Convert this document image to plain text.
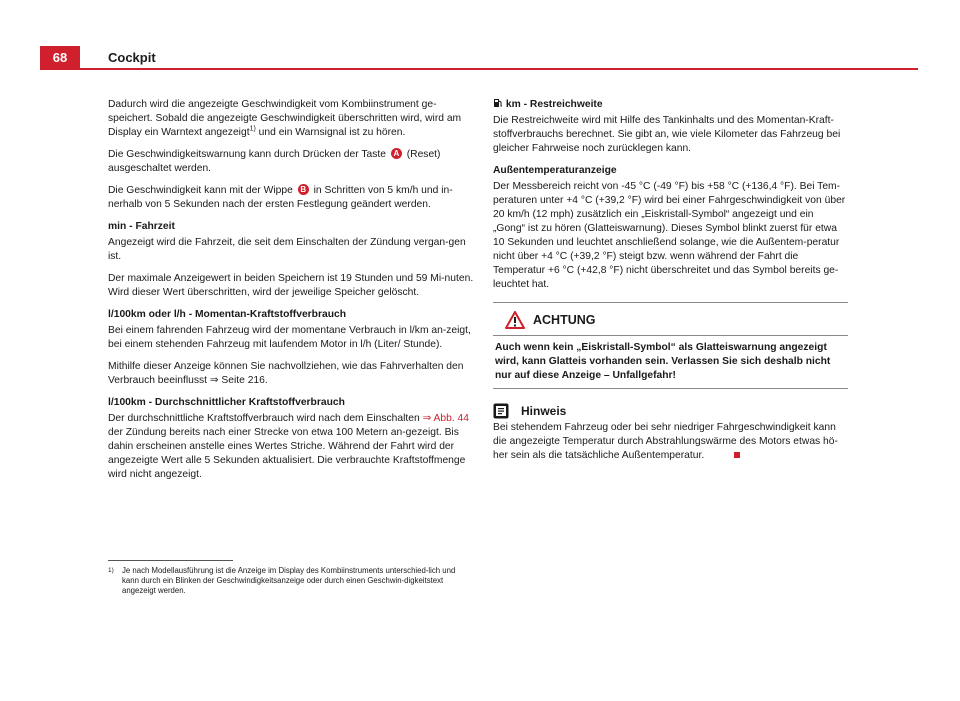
68	Cockpit

Dadurch wird die angezeigte Geschwindigkeit vom Kombiinstrument ge-speichert. Sobald die angezeigte Geschwindigkeit überschritten wird, wird am Display ein Warntext angezeigt$^{1)}$ und ein Warnsignal ist zu hören.

Die Geschwindigkeitswarnung kann durch Drücken der Taste A (Reset) ausgeschaltet werden.

Die Geschwindigkeit kann mit der Wippe B in Schritten von 5 km/h und in-nerhalb von 5 Sekunden nach der ersten Festlegung geändert werden.

min - Fahrzeit

Angezeigt wird die Fahrzeit, die seit dem Einschalten der Zündung vergan-gen ist.

Der maximale Anzeigewert in beiden Speichern ist 19 Stunden und 59 Mi-nuten. Wird dieser Wert überschritten, wird der jeweilige Speicher gelöscht.

l/100km oder l/h - Momentan-Kraftstoffverbrauch

Bei einem fahrenden Fahrzeug wird der momentane Verbrauch in l/km an-zeigt, bei einem stehenden Fahrzeug mit laufendem Motor in l/h (Liter/ Stunde).

Mithilfe dieser Anzeige können Sie nachvollziehen, wie das Fahrverhalten den Verbrauch beeinflusst ⇒ Seite 216.

l/100km - Durchschnittlicher Kraftstoffverbrauch

Der durchschnittliche Kraftstoffverbrauch wird nach dem Einschalten ⇒ Abb. 44 der Zündung bereits nach einer Strecke von etwa 100 Metern an-gezeigt. Bis dahin erscheinen anstelle eines Wertes Striche. Während der Fahrt wird der angezeigte Wert alle 5 Sekunden aktualisiert. Die verbrauchte Kraftstoffmenge wird nicht angezeigt.

km - Restreichweite

Die Restreichweite wird mit Hilfe des Tankinhalts und des Momentan-Kraft-stoffverbrauchs berechnet. Sie gibt an, wie viele Kilometer das Fahrzeug bei gleicher Fahrweise noch zurücklegen kann.

Außentemperaturanzeige

Der Messbereich reicht von -45 °C (-49 °F) bis +58 °C (+136,4 °F). Bei Tem-peraturen unter +4 °C (+39,2 °F) wird bei einer Fahrgeschwindigkeit von über 20 km/h (12 mph) zusätzlich ein „Eiskristall-Symbol“ angezeigt und ein „Gong“ ist zu hören (Glatteiswarnung). Dieses Symbol blinkt zuerst für etwa 10 Sekunden und leuchtet anschließend solange, wie die Außentem-peratur nicht über +4 °C (+39,2 °F) steigt bzw. wenn während der Fahrt die Temperatur +6 °C (+42,8 °F) nicht überschreitet und das Symbol bereits ge-leuchtet hat.

ACHTUNG
Auch wenn kein „Eiskristall-Symbol“ als Glatteiswarnung angezeigt wird, kann Glatteis vorhanden sein. Verlassen Sie sich deshalb nicht nur auf diese Anzeige – Unfallgefahr!
Hinweis

Bei stehendem Fahrzeug oder bei sehr niedriger Fahrgeschwindigkeit kann die angezeigte Temperatur durch Abstrahlungswärme des Motors etwas hö-her sein als die tatsächliche Außentemperatur.

1) Je nach Modellausführung ist die Anzeige im Display des Kombiinstruments unterschied-lich und kann durch ein Blinken der Geschwindigkeitsanzeige oder durch einen Geschwin-digkeitstext angezeigt werden.
